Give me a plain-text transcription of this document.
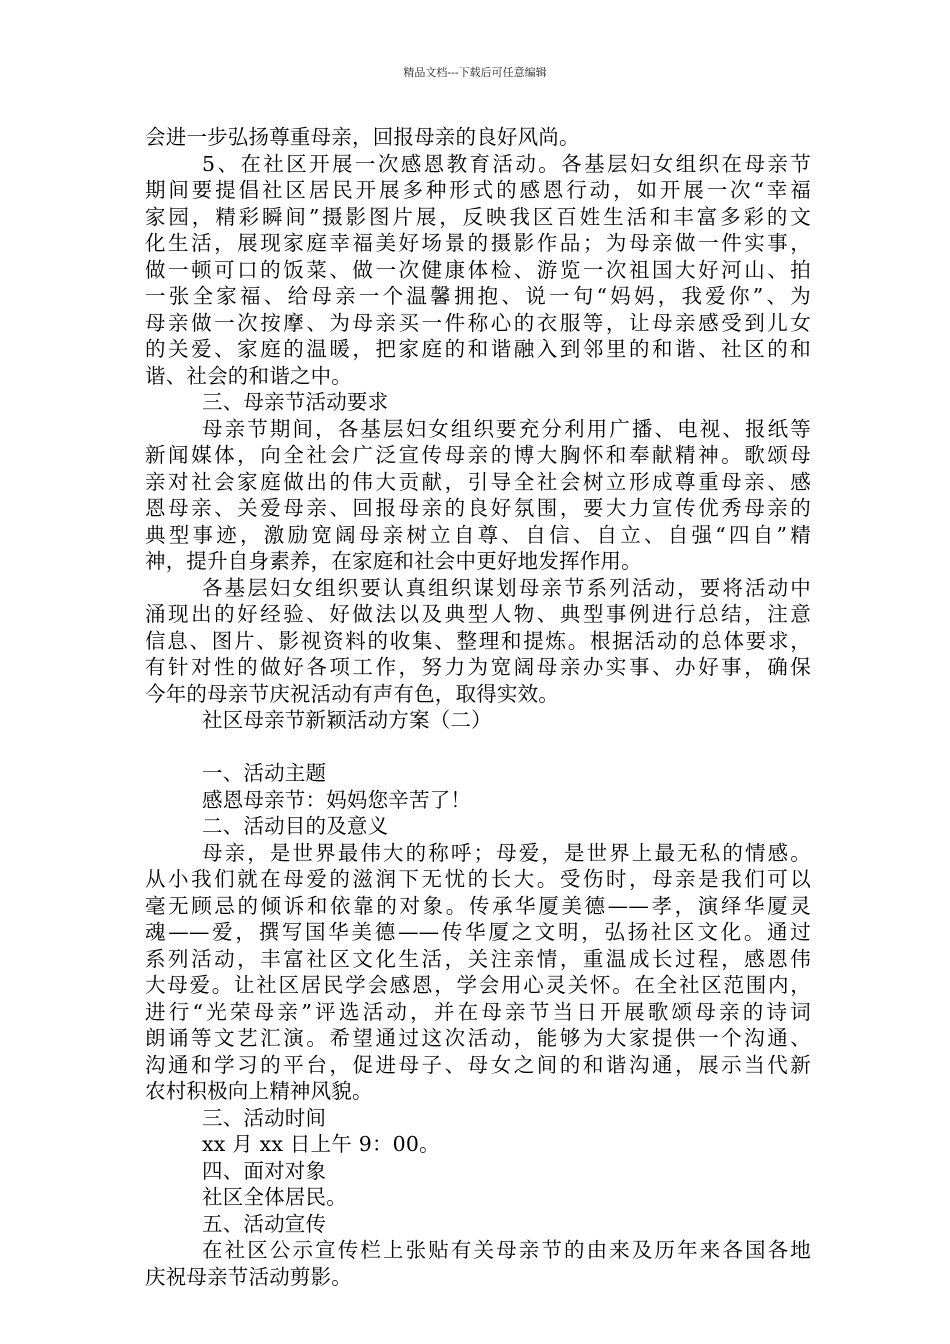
精品文档---下载后可任意编辑
会进一步弘扬尊重母亲，回报母亲的良好风尚。
5、在社区开展一次感恩教育活动。各基层妇女组织在母亲节
期间要提倡社区居民开展多种形式的感恩行动，如开展一次“幸福
家园，精彩瞬间”摄影图片展，反映我区百姓生活和丰富多彩的文
化生活，展现家庭幸福美好场景的摄影作品；为母亲做一件实事，
做一顿可口的饭菜、做一次健康体检、游览一次祖国大好河山、拍
一张全家福、给母亲一个温馨拥抱、说一句“妈妈，我爱你”、为
母亲做一次按摩、为母亲买一件称心的衣服等，让母亲感受到儿女
的关爱、家庭的温暖，把家庭的和谐融入到邻里的和谐、社区的和
谐、社会的和谐之中。
三、母亲节活动要求
母亲节期间，各基层妇女组织要充分利用广播、电视、报纸等
新闻媒体，向全社会广泛宣传母亲的博大胸怀和奉献精神。歌颂母
亲对社会家庭做出的伟大贡献，引导全社会树立形成尊重母亲、感
恩母亲、关爱母亲、回报母亲的良好氛围，要大力宣传优秀母亲的
典型事迹，激励宽阔母亲树立自尊、自信、自立、自强“四自”精
神，提升自身素养，在家庭和社会中更好地发挥作用。
各基层妇女组织要认真组织谋划母亲节系列活动，要将活动中
涌现出的好经验、好做法以及典型人物、典型事例进行总结，注意
信息、图片、影视资料的收集、整理和提炼。根据活动的总体要求，
有针对性的做好各项工作，努力为宽阔母亲办实事、办好事，确保
今年的母亲节庆祝活动有声有色，取得实效。
社区母亲节新颖活动方案（二）
一、活动主题
感恩母亲节：妈妈您辛苦了！
二、活动目的及意义
母亲，是世界最伟大的称呼；母爱，是世界上最无私的情感。
从小我们就在母爱的滋润下无忧的长大。受伤时，母亲是我们可以
毫无顾忌的倾诉和依靠的对象。传承华厦美德——孝，演绎华厦灵
魂——爱，撰写国华美德——传华厦之文明，弘扬社区文化。通过
系列活动，丰富社区文化生活，关注亲情，重温成长过程，感恩伟
大母爱。让社区居民学会感恩，学会用心灵关怀。在全社区范围内，
进行“光荣母亲”评选活动，并在母亲节当日开展歌颂母亲的诗词
朗诵等文艺汇演。希望通过这次活动，能够为大家提供一个沟通、
沟通和学习的平台，促进母子、母女之间的和谐沟通，展示当代新
农村积极向上精神风貌。
三、活动时间
xx 月 xx 日上午 9：00。
四、面对对象
社区全体居民。
五、活动宣传
在社区公示宣传栏上张贴有关母亲节的由来及历年来各国各地
庆祝母亲节活动剪影。
